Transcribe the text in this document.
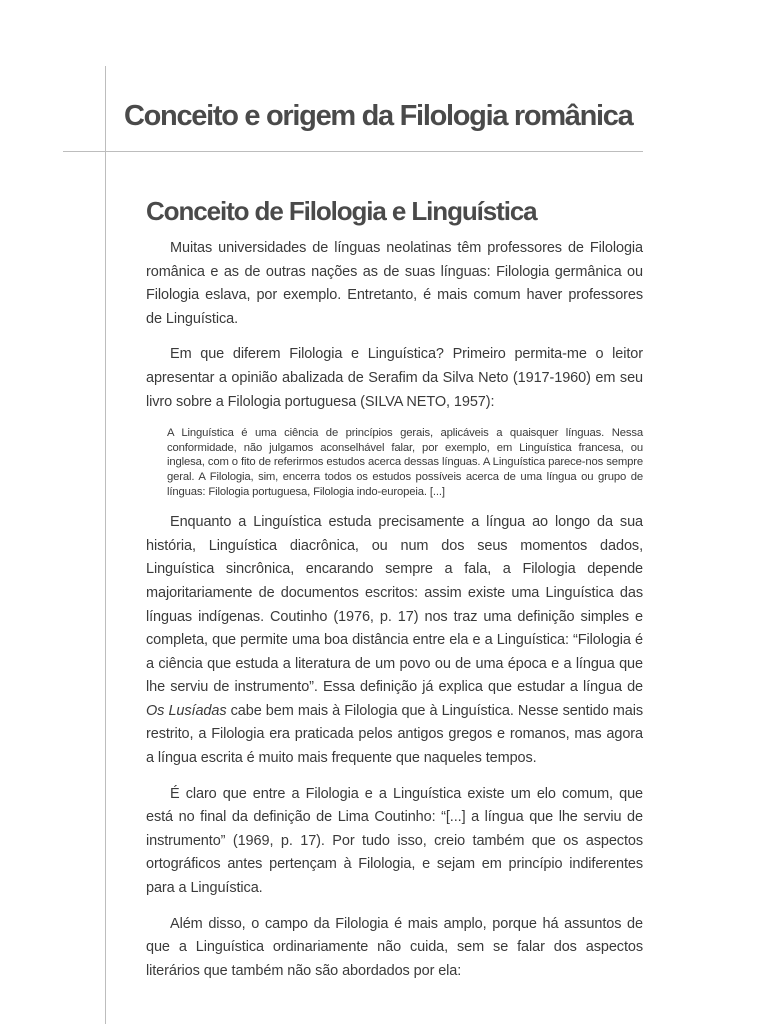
Conceito e origem da Filologia românica
Conceito de Filologia e Linguística

Muitas universidades de línguas neolatinas têm professores de Filologia românica e as de outras nações as de suas línguas: Filologia germânica ou Filologia eslava, por exemplo. Entretanto, é mais comum haver professores de Linguística.

Em que diferem Filologia e Linguística? Primeiro permita-me o leitor apresentar a opinião abalizada de Serafim da Silva Neto (1917-1960) em seu livro sobre a Filologia portuguesa (SILVA NETO, 1957):

A Linguística é uma ciência de princípios gerais, aplicáveis a quaisquer línguas. Nessa conformidade, não julgamos aconselhável falar, por exemplo, em Linguística francesa, ou inglesa, com o fito de referirmos estudos acerca dessas línguas. A Linguística parece-nos sempre geral. A Filologia, sim, encerra todos os estudos possíveis acerca de uma língua ou grupo de línguas: Filologia portuguesa, Filologia indo-europeia. [...]

Enquanto a Linguística estuda precisamente a língua ao longo da sua história, Linguística diacrônica, ou num dos seus momentos dados, Linguística sincrônica, encarando sempre a fala, a Filologia depende majoritariamente de documentos escritos: assim existe uma Linguística das línguas indígenas. Coutinho (1976, p. 17) nos traz uma definição simples e completa, que permite uma boa distância entre ela e a Linguística: “Filologia é a ciência que estuda a literatura de um povo ou de uma época e a língua que lhe serviu de instrumento”. Essa definição já explica que estudar a língua de Os Lusíadas cabe bem mais à Filologia que à Linguística. Nesse sentido mais restrito, a Filologia era praticada pelos antigos gregos e romanos, mas agora a língua escrita é muito mais frequente que naqueles tempos.

É claro que entre a Filologia e a Linguística existe um elo comum, que está no final da definição de Lima Coutinho: “[...] a língua que lhe serviu de instrumento” (1969, p. 17). Por tudo isso, creio também que os aspectos ortográficos antes pertençam à Filologia, e sejam em princípio indiferentes para a Linguística.

Além disso, o campo da Filologia é mais amplo, porque há assuntos de que a Linguística ordinariamente não cuida, sem se falar dos aspectos literários que também não são abordados por ela:
